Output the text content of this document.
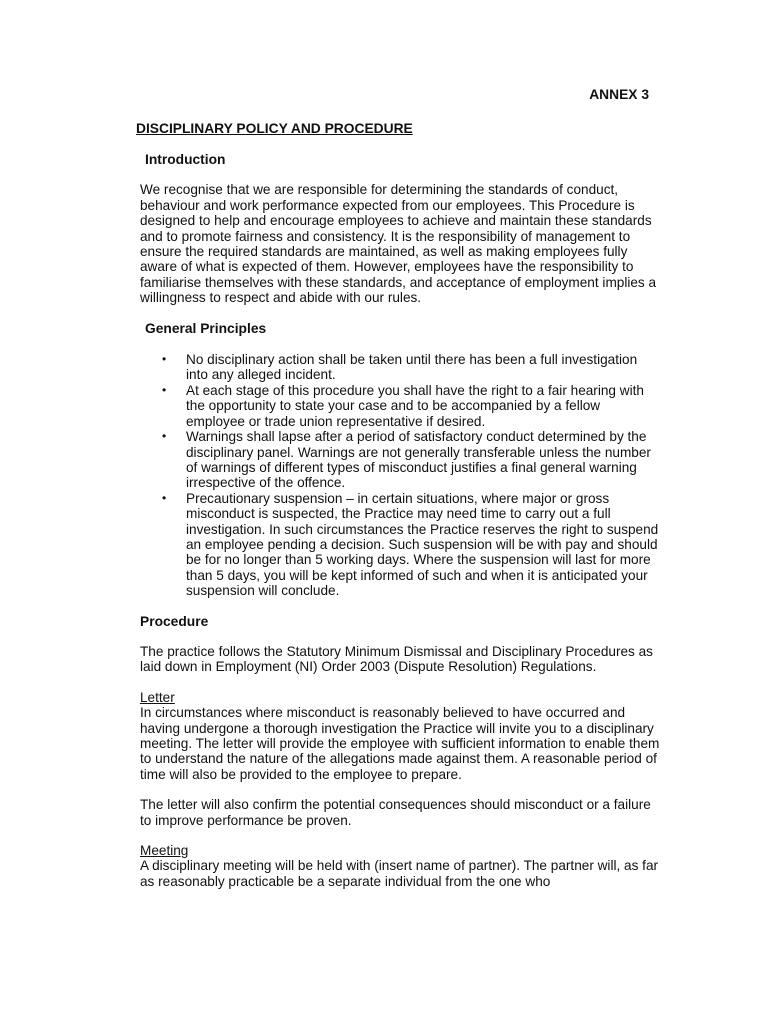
ANNEX 3
DISCIPLINARY POLICY AND PROCEDURE
Introduction

We recognise that we are responsible for determining the standards of conduct, behaviour and work performance expected from our employees. This Procedure is designed to help and encourage employees to achieve and maintain these standards and to promote fairness and consistency. It is the responsibility of management to ensure the required standards are maintained, as well as making employees fully aware of what is expected of them. However, employees have the responsibility to familiarise themselves with these standards, and acceptance of employment implies a willingness to respect and abide with our rules.

General Principles
• No disciplinary action shall be taken until there has been a full investigation into any alleged incident.
• At each stage of this procedure you shall have the right to a fair hearing with the opportunity to state your case and to be accompanied by a fellow employee or trade union representative if desired.
• Warnings shall lapse after a period of satisfactory conduct determined by the disciplinary panel. Warnings are not generally transferable unless the number of warnings of different types of misconduct justifies a final general warning irrespective of the offence.
• Precautionary suspension – in certain situations, where major or gross misconduct is suspected, the Practice may need time to carry out a full investigation. In such circumstances the Practice reserves the right to suspend an employee pending a decision. Such suspension will be with pay and should be for no longer than 5 working days. Where the suspension will last for more than 5 days, you will be kept informed of such and when it is anticipated your suspension will conclude.
Procedure

The practice follows the Statutory Minimum Dismissal and Disciplinary Procedures as laid down in Employment (NI) Order 2003 (Dispute Resolution) Regulations.

Letter

In circumstances where misconduct is reasonably believed to have occurred and having undergone a thorough investigation the Practice will invite you to a disciplinary meeting. The letter will provide the employee with sufficient information to enable them to understand the nature of the allegations made against them. A reasonable period of time will also be provided to the employee to prepare.

The letter will also confirm the potential consequences should misconduct or a failure to improve performance be proven.

Meeting

A disciplinary meeting will be held with (insert name of partner). The partner will, as far as reasonably practicable be a separate individual from the one who
